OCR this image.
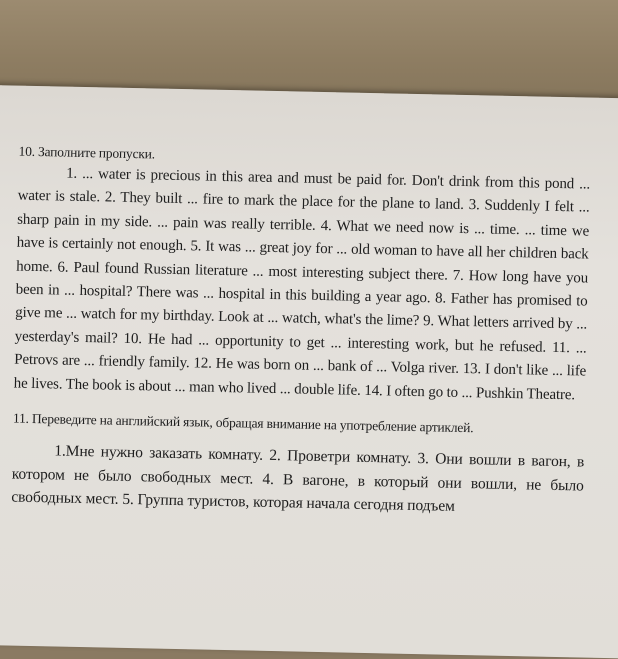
10. Заполните пропуски.

1. ... water is precious in this area and must be paid for. Don't drink from this pond ... water is stale. 2. They built ... fire to mark the place for the plane to land. 3. Suddenly I felt ... sharp pain in my side. ... pain was really terrible. 4. What we need now is ... time. ... time we have is certainly not enough. 5. It was ... great joy for ... old woman to have all her children back home. 6. Paul found Russian literature ... most interesting subject there. 7. How long have you been in ... hospital? There was ... hospital in this building a year ago. 8. Father has promised to give me ... watch for my birthday. Look at ... watch, what's the lime? 9. What letters arrived by ... yesterday's mail? 10. He had ... opportunity to get ... interesting work, but he refused. 11. ... Petrovs are ... friendly family. 12. He was born on ... bank of ... Volga river. 13. I don't like ... life he lives. The book is about ... man who lived ... double life. 14. I often go to ... Pushkin Theatre.

11. Переведите на английский язык, обращая внимание на употребление артиклей.

1.Мне нужно заказать комнату. 2. Проветри комнату. 3. Они вошли в вагон, в котором не было свободных мест. 4. В вагоне, в который они вошли, не было свободных мест. 5. Группа туристов, которая начала сегодня подъем
